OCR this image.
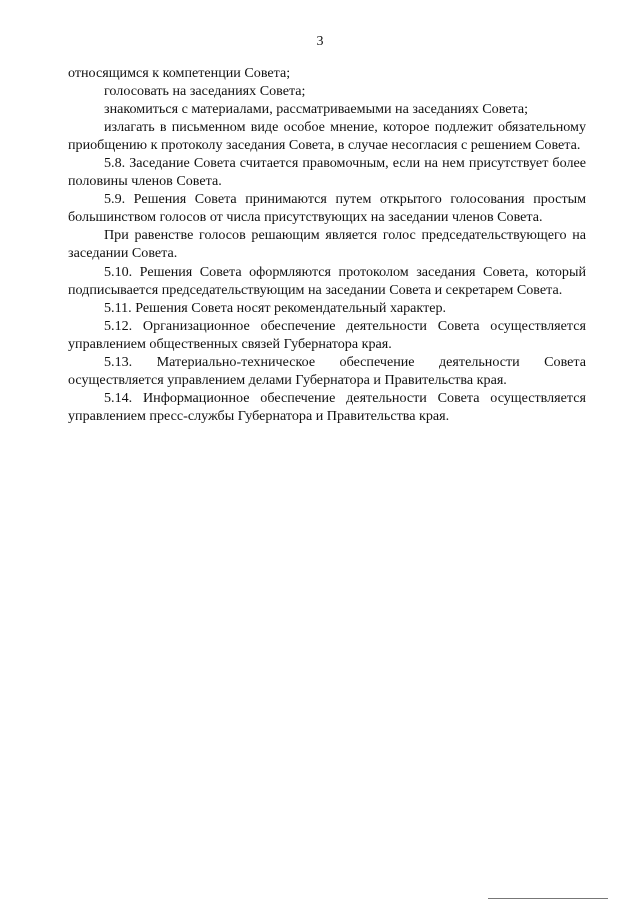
3

относящимся к компетенции Совета;

голосовать на заседаниях Совета;

знакомиться с материалами, рассматриваемыми на заседаниях Совета;

излагать в письменном виде особое мнение, которое подлежит обязательному приобщению к протоколу заседания Совета, в случае несогласия с решением Совета.

5.8. Заседание Совета считается правомочным, если на нем присутствует более половины членов Совета.

5.9. Решения Совета принимаются путем открытого голосования простым большинством голосов от числа присутствующих на заседании членов Совета.

При равенстве голосов решающим является голос председательствующего на заседании Совета.

5.10. Решения Совета оформляются протоколом заседания Совета, который подписывается председательствующим на заседании Совета и секретарем Совета.

5.11. Решения Совета носят рекомендательный характер.

5.12. Организационное обеспечение деятельности Совета осуществляется управлением общественных связей Губернатора края.

5.13. Материально-техническое обеспечение деятельности Совета осуществляется управлением делами Губернатора и Правительства края.

5.14. Информационное обеспечение деятельности Совета осуществляется управлением пресс-службы Губернатора и Правительства края.
